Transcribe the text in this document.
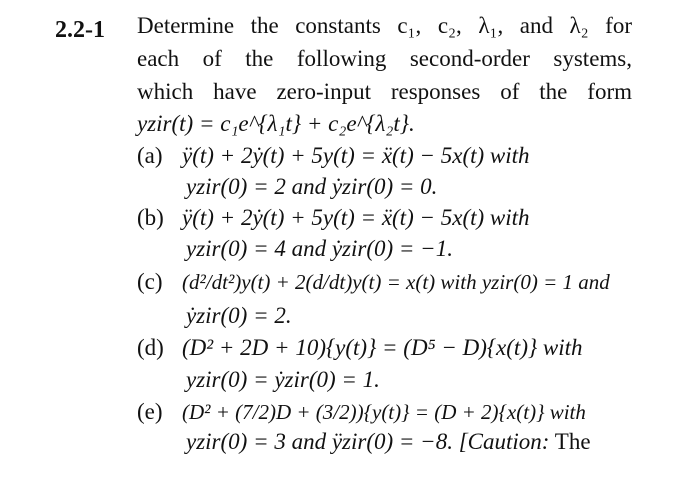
2.2-1 Determine the constants c₁, c₂, λ₁, and λ₂ for
each of the following second-order systems,
which have zero-input responses of the form
yzir(t) = c₁e^{λ₁t} + c₂e^{λ₂t}.
(a) ÿ(t) + 2ẏ(t) + 5y(t) = ẍ(t) − 5x(t) with
yzir(0) = 2 and ẏzir(0) = 0.
(b) ÿ(t) + 2ẏ(t) + 5y(t) = ẍ(t) − 5x(t) with
yzir(0) = 4 and ẏzir(0) = −1.
(c) (d²/dt²)y(t) + 2(d/dt)y(t) = x(t) with yzir(0) = 1 and
ẏzir(0) = 2.
(d) (D² + 2D + 10){y(t)} = (D⁵ − D){x(t)} with
yzir(0) = ẏzir(0) = 1.
(e) (D² + (7/2)D + (3/2)){y(t)} = (D + 2){x(t)} with
yzir(0) = 3 and ÿzir(0) = −8. [Caution: The
